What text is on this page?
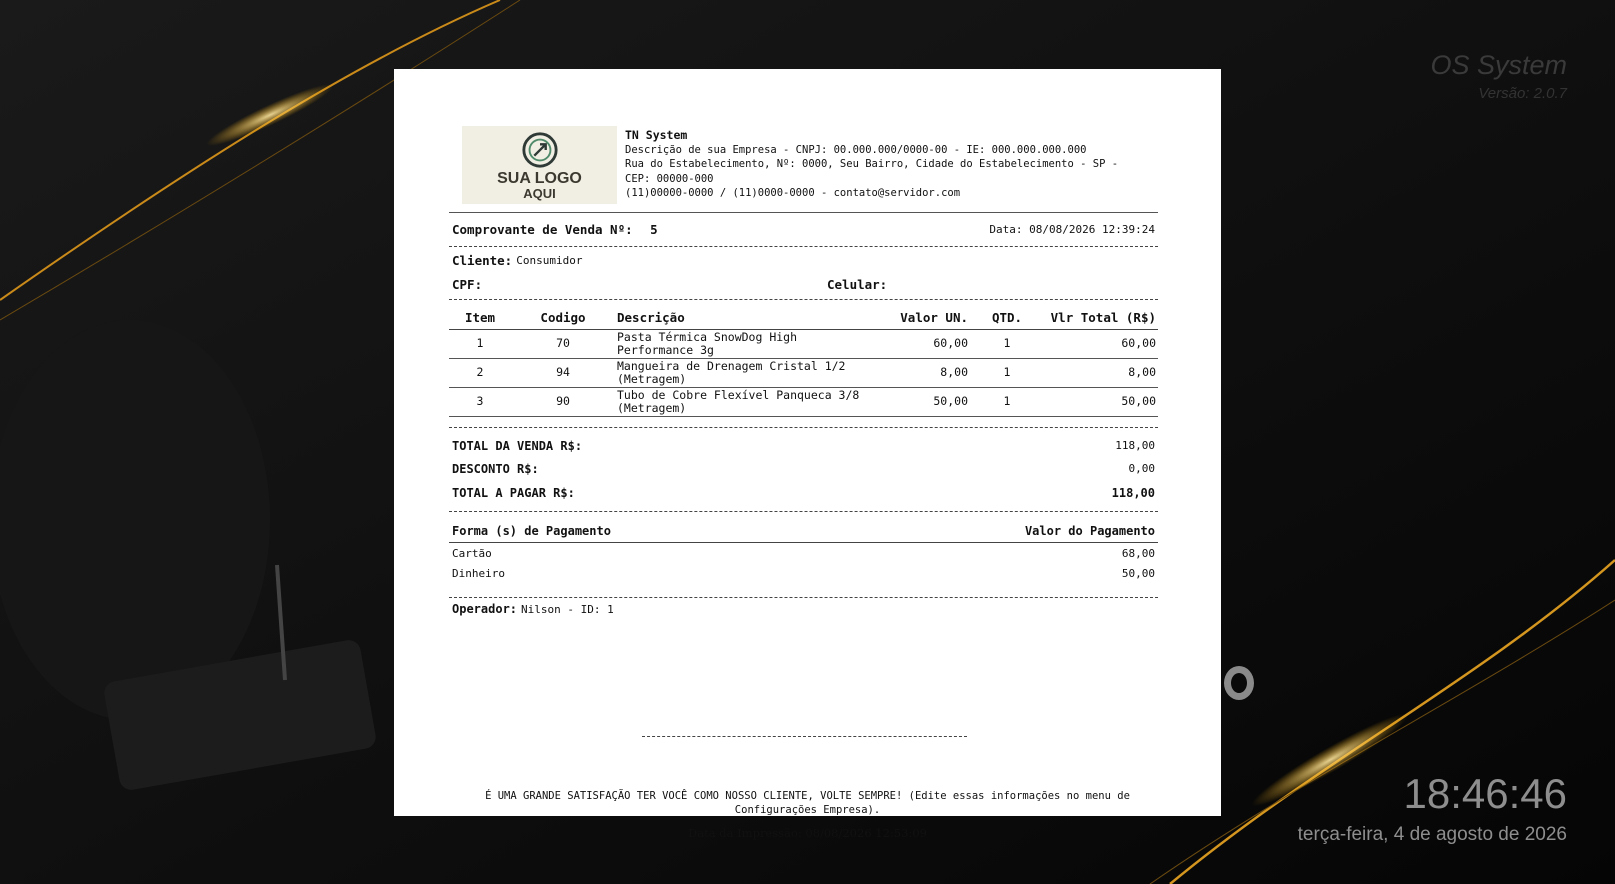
OS System
Versão: 2.0.7
18:46:46
terça-feira, 4 de agosto de 2026
SUA LOGO
AQUI
TN System
Descrição de sua Empresa - CNPJ: 00.000.000/0000-00 - IE: 000.000.000.000
Rua do Estabelecimento, Nº: 0000, Seu Bairro, Cidade do Estabelecimento - SP -
CEP: 00000-000
(11)00000-0000 / (11)0000-0000 - contato@servidor.com
Comprovante de Venda Nº: 5	Data: 08/08/2026 12:39:24
Cliente: Consumidor
CPF:	Celular:
Item	Codigo	Descrição	Valor UN.	QTD.	Vlr Total (R$)
1	70	Pasta Térmica SnowDog High Performance 3g	60,00	1	60,00
2	94	Mangueira de Drenagem Cristal 1/2 (Metragem)	8,00	1	8,00
3	90	Tubo de Cobre Flexível Panqueca 3/8 (Metragem)	50,00	1	50,00
TOTAL DA VENDA R$:	118,00
DESCONTO R$:	0,00
TOTAL A PAGAR R$:	118,00
Forma (s) de Pagamento	Valor do Pagamento
Cartão	68,00
Dinheiro	50,00
Operador: Nilson - ID: 1
É UMA GRANDE SATISFAÇÃO TER VOCÊ COMO NOSSO CLIENTE, VOLTE SEMPRE! (Edite essas informações no menu de Configurações Empresa).
Data da Impressão: 08/08/2026 12:53:09
